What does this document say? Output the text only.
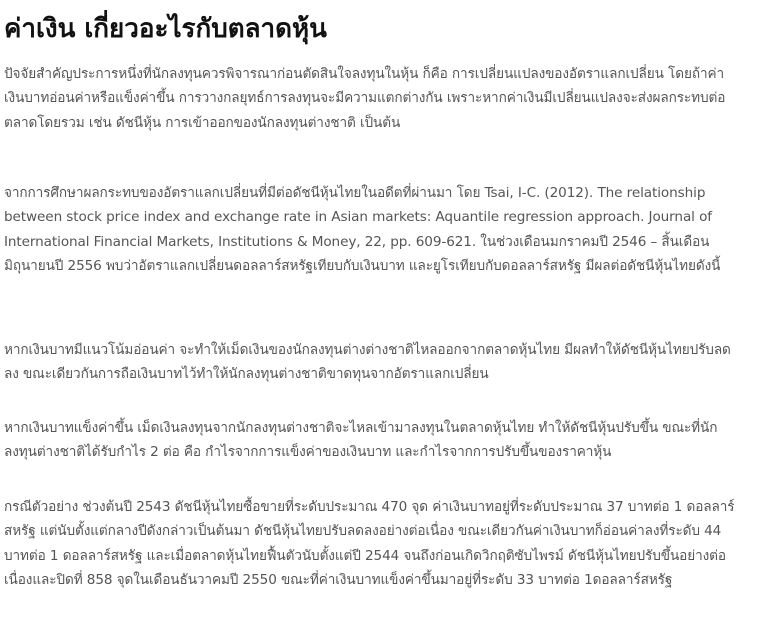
ค่าเงิน เกี่ยวอะไรกับตลาดหุ้น

ปัจจัยสำคัญประการหนึ่งที่นักลงทุนควรพิจารณาก่อนตัดสินใจลงทุนในหุ้น ก็คือ การเปลี่ยนแปลงของอัตราแลกเปลี่ยน โดยถ้าค่าเงินบาทอ่อนค่าหรือแข็งค่าขึ้น การวางกลยุทธ์การลงทุนจะมีความแตกต่างกัน เพราะหากค่าเงินมีเปลี่ยนแปลงจะส่งผลกระทบต่อตลาดโดยรวม เช่น ดัชนีหุ้น การเข้าออกของนักลงทุนต่างชาติ เป็นต้น

จากการศึกษาผลกระทบของอัตราแลกเปลี่ยนที่มีต่อดัชนีหุ้นไทยในอดีตที่ผ่านมา โดย Tsai, I-C. (2012). The relationship between stock price index and exchange rate in Asian markets: Aquantile regression approach. Journal of International Financial Markets, Institutions & Money, 22, pp. 609-621. ในช่วงเดือนมกราคมปี 2546 – สิ้นเดือนมิถุนายนปี 2556 พบว่าอัตราแลกเปลี่ยนดอลลาร์สหรัฐเทียบกับเงินบาท และยูโรเทียบกับดอลลาร์สหรัฐ มีผลต่อดัชนีหุ้นไทยดังนี้

หากเงินบาทมีแนวโน้มอ่อนค่า จะทำให้เม็ดเงินของนักลงทุนต่างต่างชาติไหลออกจากตลาดหุ้นไทย มีผลทำให้ดัชนีหุ้นไทยปรับลดลง ขณะเดียวกันการถือเงินบาทไว้ทำให้นักลงทุนต่างชาติขาดทุนจากอัตราแลกเปลี่ยน

หากเงินบาทแข็งค่าขึ้น เม็ดเงินลงทุนจากนักลงทุนต่างชาติจะไหลเข้ามาลงทุนในตลาดหุ้นไทย ทำให้ดัชนีหุ้นปรับขึ้น ขณะที่นักลงทุนต่างชาติได้รับกำไร 2 ต่อ คือ กำไรจากการแข็งค่าของเงินบาท และกำไรจากการปรับขึ้นของราคาหุ้น

กรณีตัวอย่าง ช่วงต้นปี 2543 ดัชนีหุ้นไทยซื้อขายที่ระดับประมาณ 470 จุด ค่าเงินบาทอยู่ที่ระดับประมาณ 37 บาทต่อ 1 ดอลลาร์สหรัฐ แต่นับตั้งแต่กลางปีดังกล่าวเป็นต้นมา ดัชนีหุ้นไทยปรับลดลงอย่างต่อเนื่อง ขณะเดียวกันค่าเงินบาทก็อ่อนค่าลงที่ระดับ 44 บาทต่อ 1 ดอลลาร์สหรัฐ และเมื่อตลาดหุ้นไทยฟื้นตัวนับตั้งแต่ปี 2544 จนถึงก่อนเกิดวิกฤติซับไพรม์ ดัชนีหุ้นไทยปรับขึ้นอย่างต่อเนื่องและปิดที่ 858 จุดในเดือนธันวาคมปี 2550 ขณะที่ค่าเงินบาทแข็งค่าขึ้นมาอยู่ที่ระดับ 33 บาทต่อ 1ดอลลาร์สหรัฐ
